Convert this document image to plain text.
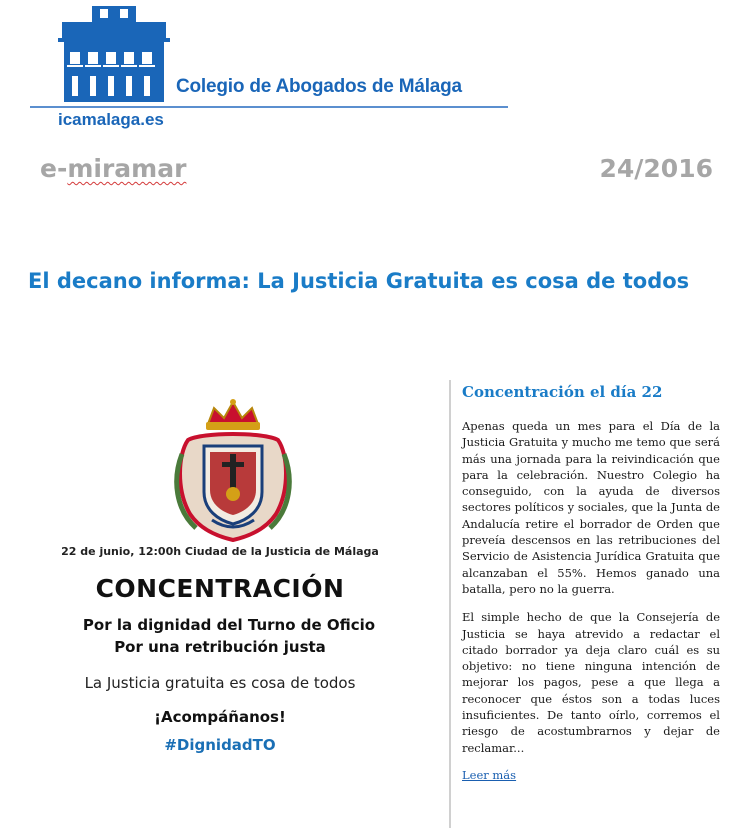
Colegio de Abogados de Málaga
icamalaga.es
e-miramar	24/2016
El decano informa: La Justicia Gratuita es cosa de todos
22 de junio, 12:00h Ciudad de la Justicia de Málaga
CONCENTRACIÓN
Por la dignidad del Turno de Oficio
Por una retribución justa
La Justicia gratuita es cosa de todos
¡Acompáñanos!
#DignidadTO
Concentración el día 22

Apenas queda un mes para el Día de la Justicia Gratuita y mucho me temo que será más una jornada para la reivindicación que para la celebración. Nuestro Colegio ha conseguido, con la ayuda de diversos sectores políticos y sociales, que la Junta de Andalucía retire el borrador de Orden que preveía descensos en las retribuciones del Servicio de Asistencia Jurídica Gratuita que alcanzaban el 55%. Hemos ganado una batalla, pero no la guerra.

El simple hecho de que la Consejería de Justicia se haya atrevido a redactar el citado borrador ya deja claro cuál es su objetivo: no tiene ninguna intención de mejorar los pagos, pese a que llega a reconocer que éstos son a todas luces insuficientes. De tanto oírlo, corremos el riesgo de acostumbrarnos y dejar de reclamar...

Leer más
